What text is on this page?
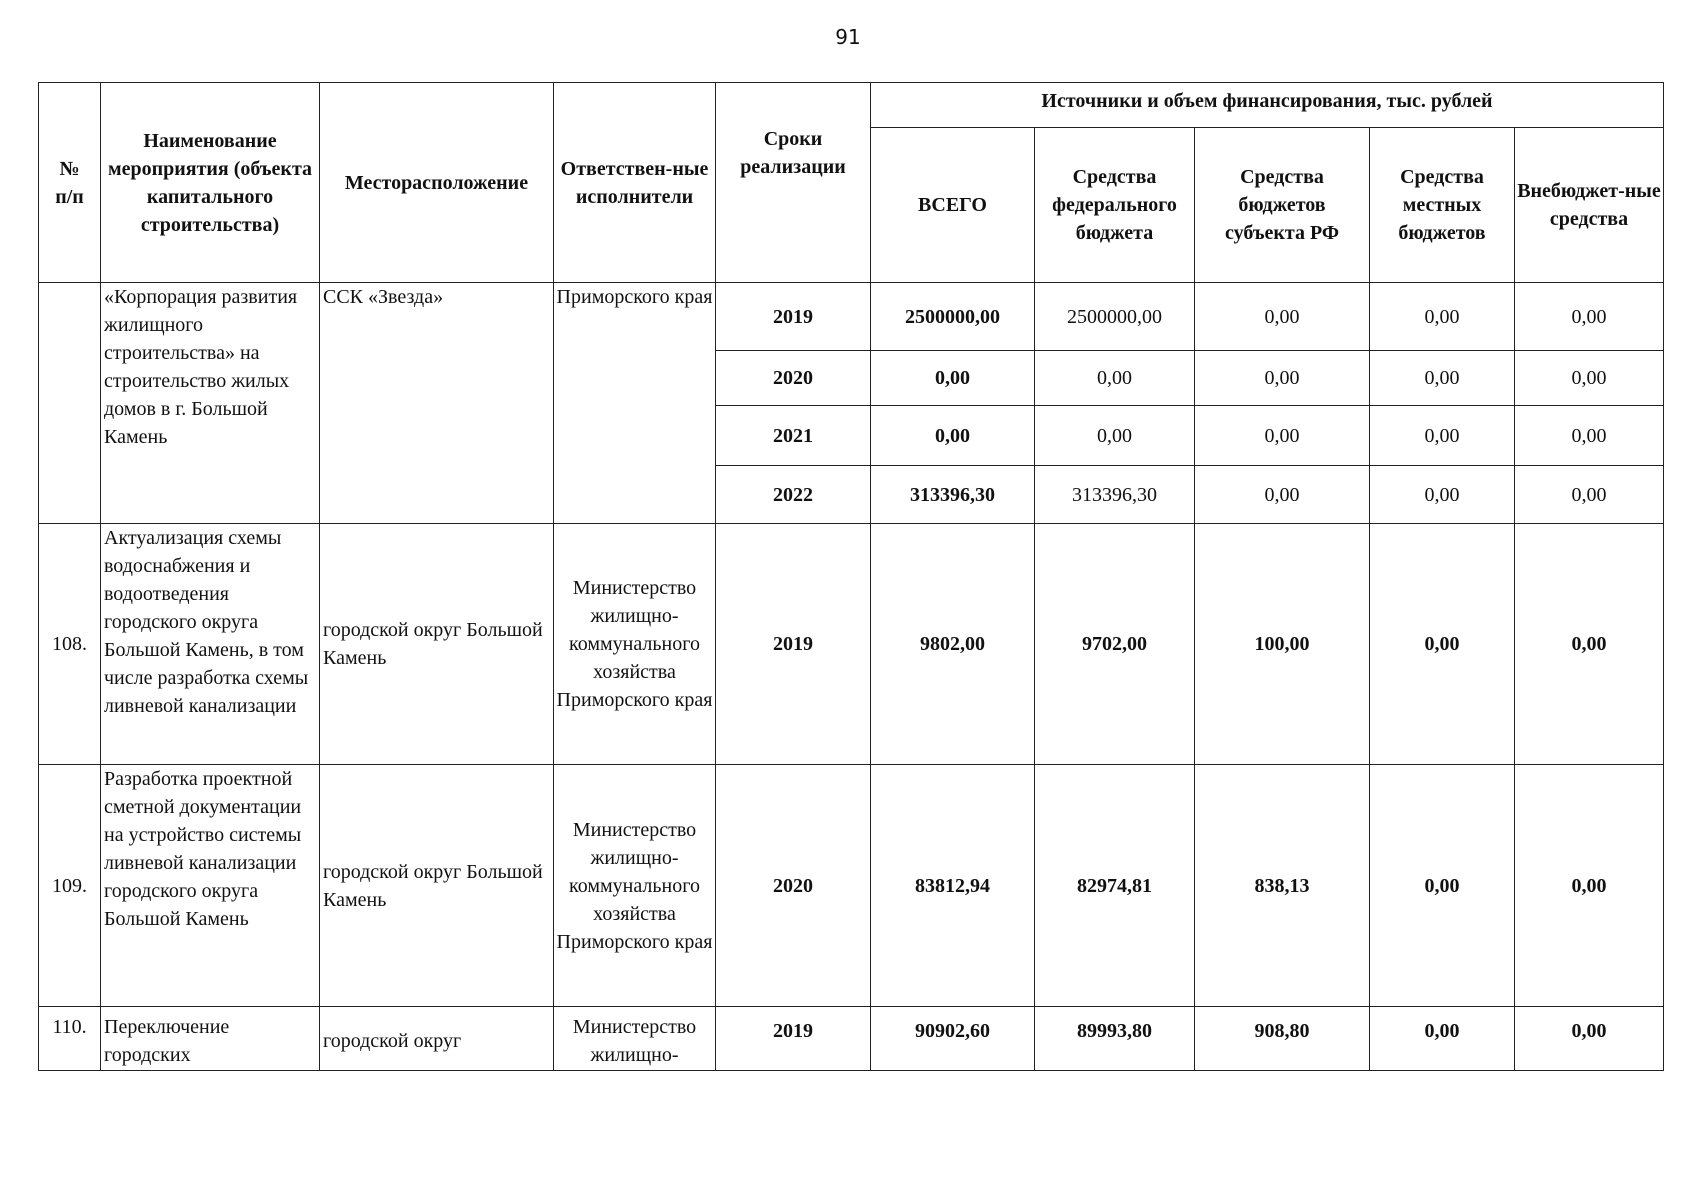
91
№
п/п	Наименование мероприятия (объекта капитального строительства)	Месторасположение	Ответствен-ные исполнители	Сроки реализации	Источники и объем финансирования, тыс. рублей				
					ВСЕГО	Средства федерального бюджета	Средства бюджетов субъекта РФ	Средства местных бюджетов	Внебюджет-ные средства
	«Корпорация развития жилищного строительства» на строительство жилых домов в г. Большой Камень	ССК «Звезда»	Приморского края	2019	2500000,00	2500000,00	0,00	0,00	0,00
				2020	0,00	0,00	0,00	0,00	0,00
				2021	0,00	0,00	0,00	0,00	0,00
				2022	313396,30	313396,30	0,00	0,00	0,00
108.	Актуализация схемы водоснабжения и водоотведения городского округа Большой Камень, в том числе разработка схемы ливневой канализации	городской округ Большой Камень	Министерство жилищно-коммунального хозяйства Приморского края	2019	9802,00	9702,00	100,00	0,00	0,00
109.	Разработка проектной сметной документации на устройство системы ливневой канализации городского округа Большой Камень	городской округ Большой Камень	Министерство жилищно-коммунального хозяйства Приморского края	2020	83812,94	82974,81	838,13	0,00	0,00
110.	Переключение городских	городской округ	Министерство жилищно-	2019	90902,60	89993,80	908,80	0,00	0,00
